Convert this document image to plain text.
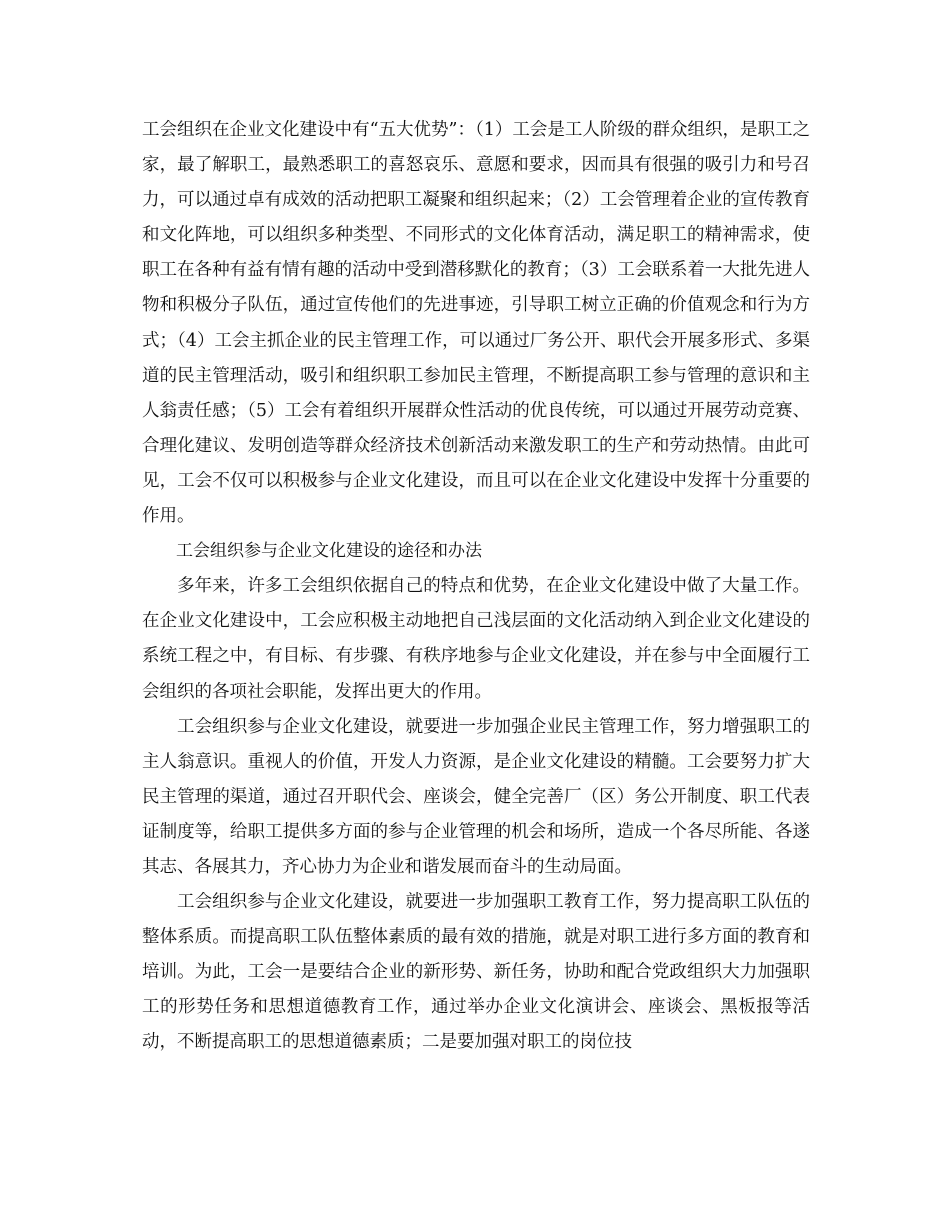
工会组织在企业文化建设中有“五大优势”：（1）工会是工人阶级的群众组织，是职工之家，最了解职工，最熟悉职工的喜怒哀乐、意愿和要求，因而具有很强的吸引力和号召力，可以通过卓有成效的活动把职工凝聚和组织起来；（2）工会管理着企业的宣传教育和文化阵地，可以组织多种类型、不同形式的文化体育活动，满足职工的精神需求，使职工在各种有益有情有趣的活动中受到潜移默化的教育；（3）工会联系着一大批先进人物和积极分子队伍，通过宣传他们的先进事迹，引导职工树立正确的价值观念和行为方式；（4）工会主抓企业的民主管理工作，可以通过厂务公开、职代会开展多形式、多渠道的民主管理活动，吸引和组织职工参加民主管理，不断提高职工参与管理的意识和主人翁责任感；（5）工会有着组织开展群众性活动的优良传统，可以通过开展劳动竞赛、合理化建议、发明创造等群众经济技术创新活动来激发职工的生产和劳动热情。由此可见，工会不仅可以积极参与企业文化建设，而且可以在企业文化建设中发挥十分重要的作用。

工会组织参与企业文化建设的途径和办法

多年来，许多工会组织依据自己的特点和优势，在企业文化建设中做了大量工作。在企业文化建设中，工会应积极主动地把自己浅层面的文化活动纳入到企业文化建设的系统工程之中，有目标、有步骤、有秩序地参与企业文化建设，并在参与中全面履行工会组织的各项社会职能，发挥出更大的作用。

工会组织参与企业文化建设，就要进一步加强企业民主管理工作，努力增强职工的主人翁意识。重视人的价值，开发人力资源，是企业文化建设的精髓。工会要努力扩大民主管理的渠道，通过召开职代会、座谈会，健全完善厂（区）务公开制度、职工代表证制度等，给职工提供多方面的参与企业管理的机会和场所，造成一个各尽所能、各遂其志、各展其力，齐心协力为企业和谐发展而奋斗的生动局面。

工会组织参与企业文化建设，就要进一步加强职工教育工作，努力提高职工队伍的整体系质。而提高职工队伍整体素质的最有效的措施，就是对职工进行多方面的教育和培训。为此，工会一是要结合企业的新形势、新任务，协助和配合党政组织大力加强职工的形势任务和思想道德教育工作，通过举办企业文化演讲会、座谈会、黑板报等活动，不断提高职工的思想道德素质；二是要加强对职工的岗位技
